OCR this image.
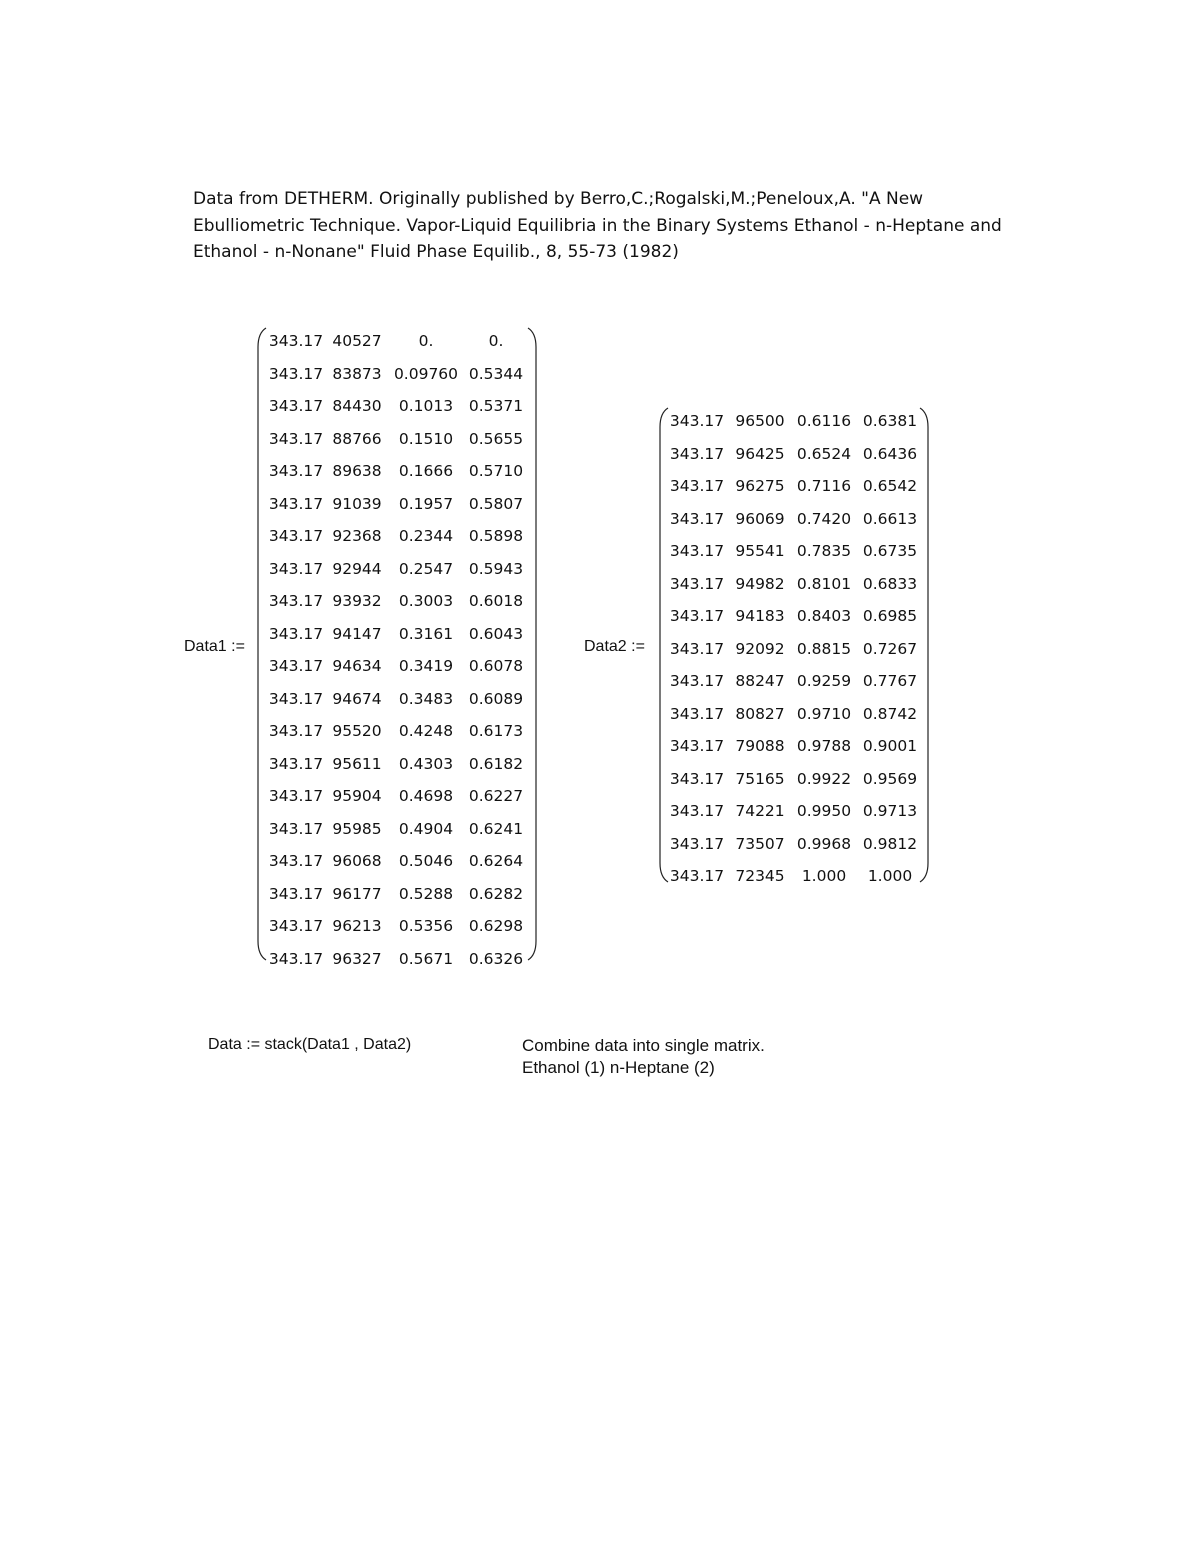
Data from DETHERM. Originally published by Berro,C.;Rogalski,M.;Peneloux,A. "A New
Ebulliometric Technique. Vapor-Liquid Equilibria in the Binary Systems Ethanol - n-Heptane and
Ethanol - n-Nonane" Fluid Phase Equilib., 8, 55-73 (1982)
Data1 :=
343.17	40527	0.	0.
343.17	83873	0.09760	0.5344
343.17	84430	0.1013	0.5371
343.17	88766	0.1510	0.5655
343.17	89638	0.1666	0.5710
343.17	91039	0.1957	0.5807
343.17	92368	0.2344	0.5898
343.17	92944	0.2547	0.5943
343.17	93932	0.3003	0.6018
343.17	94147	0.3161	0.6043
343.17	94634	0.3419	0.6078
343.17	94674	0.3483	0.6089
343.17	95520	0.4248	0.6173
343.17	95611	0.4303	0.6182
343.17	95904	0.4698	0.6227
343.17	95985	0.4904	0.6241
343.17	96068	0.5046	0.6264
343.17	96177	0.5288	0.6282
343.17	96213	0.5356	0.6298
343.17	96327	0.5671	0.6326
Data2 :=
343.17	96500	0.6116	0.6381
343.17	96425	0.6524	0.6436
343.17	96275	0.7116	0.6542
343.17	96069	0.7420	0.6613
343.17	95541	0.7835	0.6735
343.17	94982	0.8101	0.6833
343.17	94183	0.8403	0.6985
343.17	92092	0.8815	0.7267
343.17	88247	0.9259	0.7767
343.17	80827	0.9710	0.8742
343.17	79088	0.9788	0.9001
343.17	75165	0.9922	0.9569
343.17	74221	0.9950	0.9713
343.17	73507	0.9968	0.9812
343.17	72345	1.000	1.000
Data := stack(Data1 , Data2)	Combine data into single matrix.
Ethanol (1) n-Heptane (2)
